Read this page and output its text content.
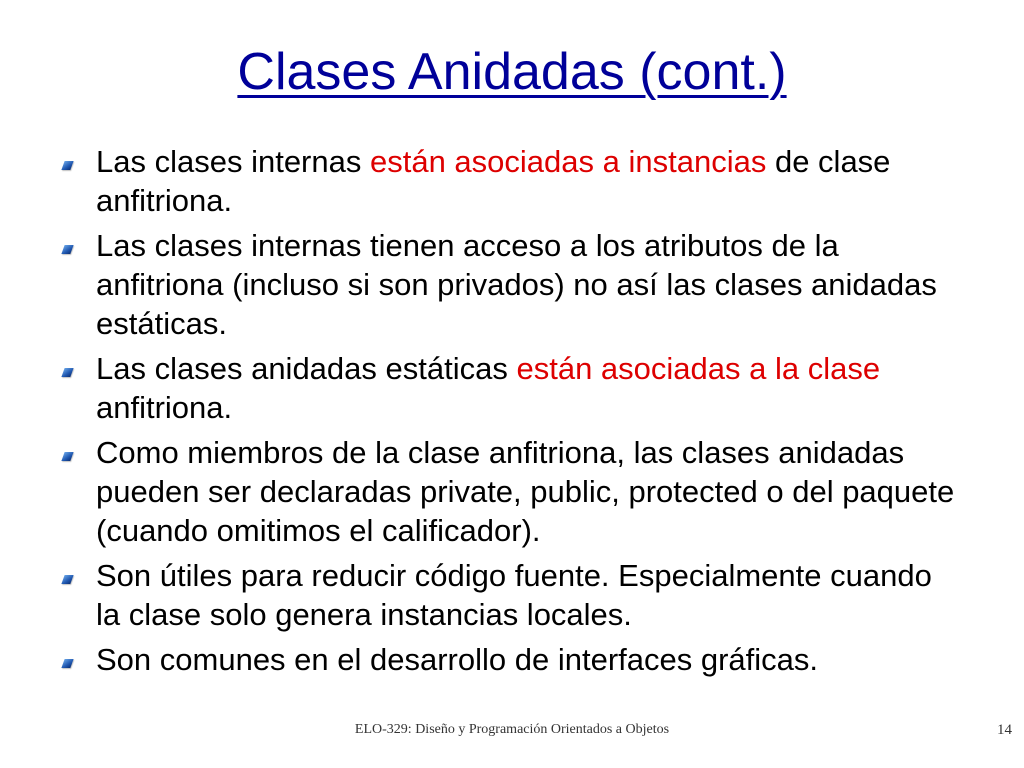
Clases Anidadas (cont.)
Las clases internas están asociadas a instancias de clase anfitriona.
Las clases internas tienen acceso a los atributos de la anfitriona (incluso si son privados) no así las clases anidadas estáticas.
Las clases anidadas estáticas están asociadas a la clase anfitriona.
Como miembros de la clase anfitriona, las clases anidadas pueden ser declaradas private, public, protected o del paquete (cuando omitimos el calificador).
Son útiles para reducir código fuente. Especialmente cuando la clase solo genera instancias locales.
Son comunes en el desarrollo de interfaces gráficas.
ELO-329: Diseño y Programación Orientados a Objetos	14
